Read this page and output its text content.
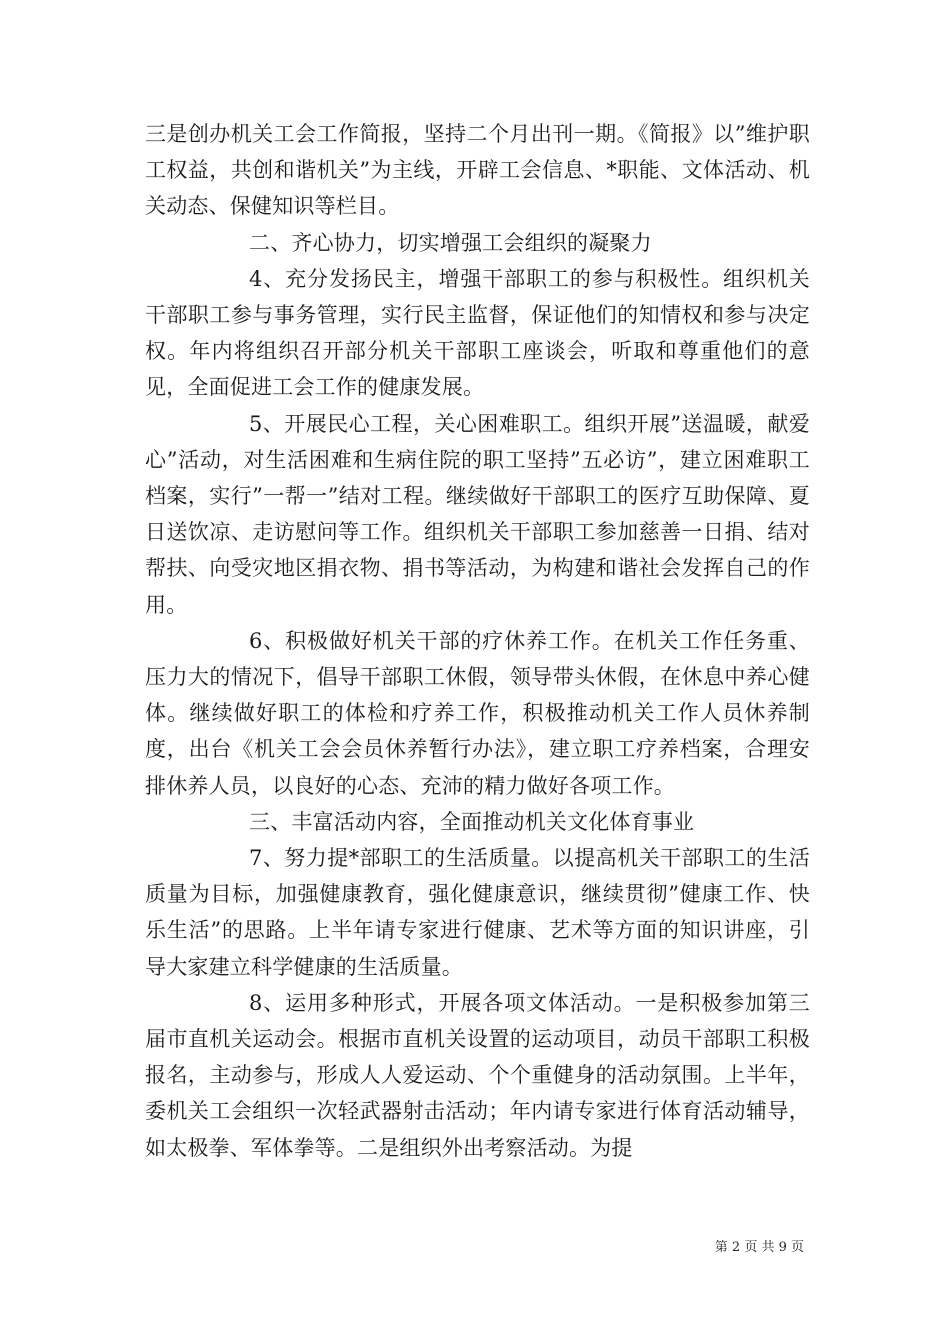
三是创办机关工会工作简报，坚持二个月出刊一期。《简报》以”维护职工权益，共创和谐机关”为主线，开辟工会信息、*职能、文体活动、机关动态、保健知识等栏目。

二、齐心协力，切实增强工会组织的凝聚力

4、充分发扬民主，增强干部职工的参与积极性。组织机关干部职工参与事务管理，实行民主监督，保证他们的知情权和参与决定权。年内将组织召开部分机关干部职工座谈会，听取和尊重他们的意见，全面促进工会工作的健康发展。

5、开展民心工程，关心困难职工。组织开展”送温暖，献爱心”活动，对生活困难和生病住院的职工坚持”五必访”，建立困难职工档案，实行”一帮一”结对工程。继续做好干部职工的医疗互助保障、夏日送饮凉、走访慰问等工作。组织机关干部职工参加慈善一日捐、结对帮扶、向受灾地区捐衣物、捐书等活动，为构建和谐社会发挥自己的作用。

6、积极做好机关干部的疗休养工作。在机关工作任务重、压力大的情况下，倡导干部职工休假，领导带头休假，在休息中养心健体。继续做好职工的体检和疗养工作，积极推动机关工作人员休养制度，出台《机关工会会员休养暂行办法》，建立职工疗养档案，合理安排休养人员，以良好的心态、充沛的精力做好各项工作。

三、丰富活动内容，全面推动机关文化体育事业

7、努力提*部职工的生活质量。以提高机关干部职工的生活质量为目标，加强健康教育，强化健康意识，继续贯彻”健康工作、快乐生活”的思路。上半年请专家进行健康、艺术等方面的知识讲座，引导大家建立科学健康的生活质量。

8、运用多种形式，开展各项文体活动。一是积极参加第三届市直机关运动会。根据市直机关设置的运动项目，动员干部职工积极报名，主动参与，形成人人爱运动、个个重健身的活动氛围。上半年，委机关工会组织一次轻武器射击活动；年内请专家进行体育活动辅导，如太极拳、军体拳等。二是组织外出考察活动。为提

第 2 页 共 9 页
